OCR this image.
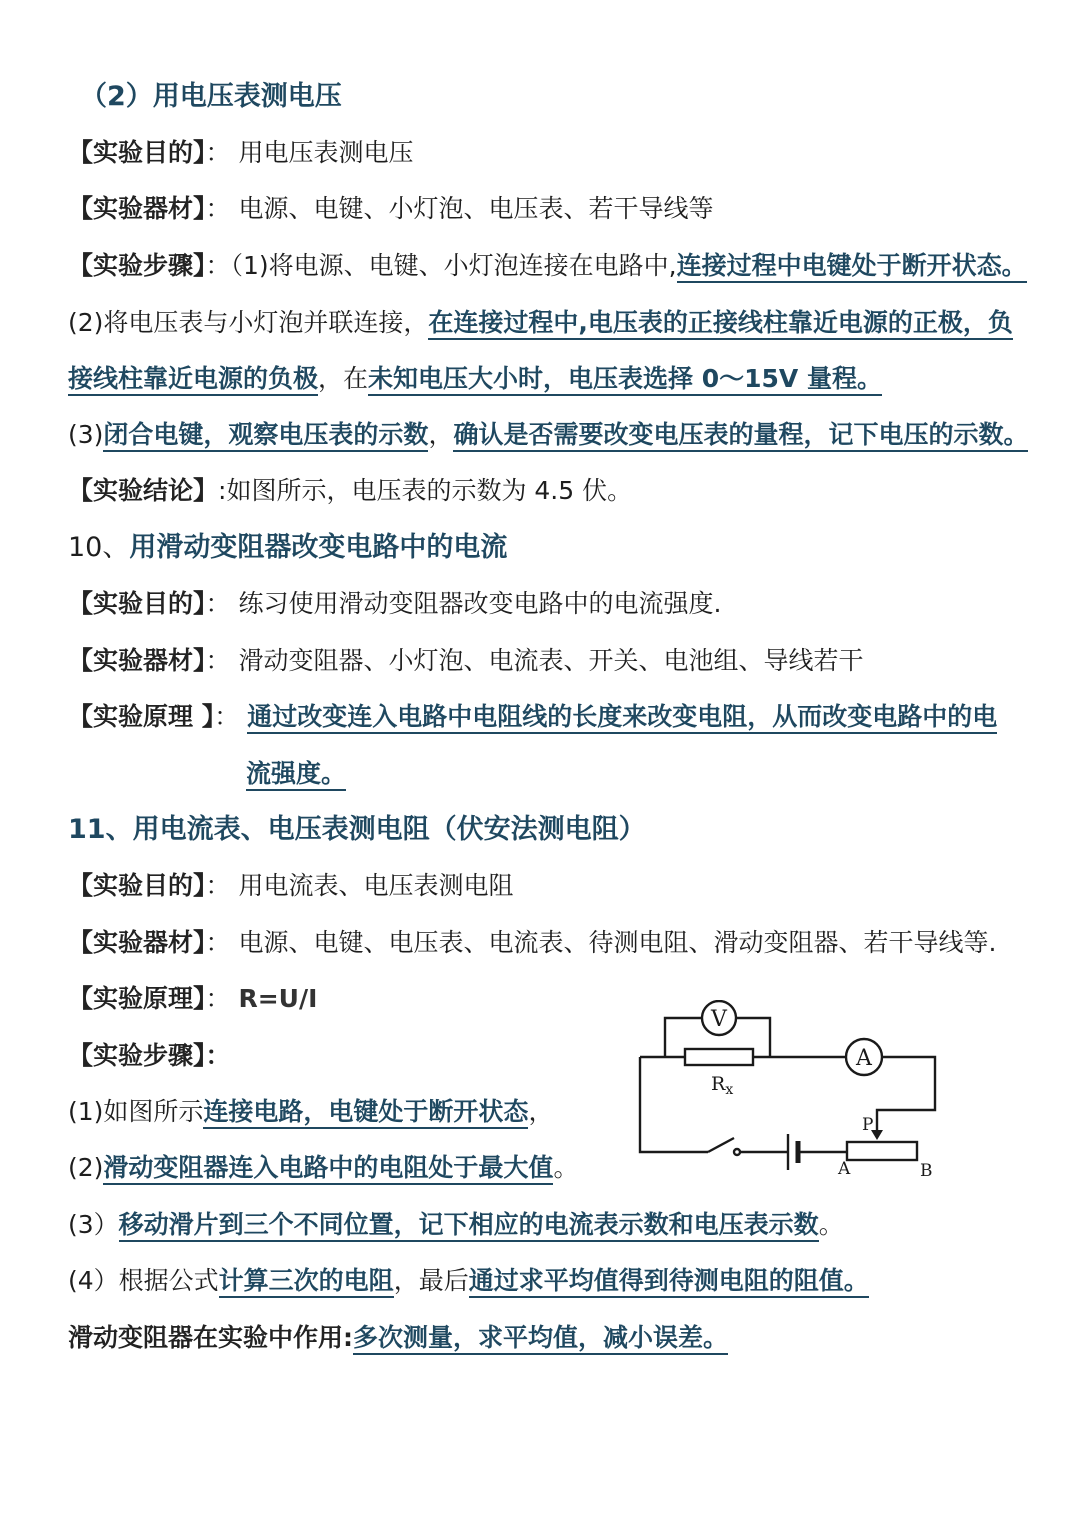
（2）用电压表测电压
【实验目的】： 用电压表测电压
【实验器材】： 电源、电键、小灯泡、电压表、若干导线等
【实验步骤】：（1)将电源、电键、小灯泡连接在电路中,连接过程中电键处于断开状态。
(2)将电压表与小灯泡并联连接，在连接过程中,电压表的正接线柱靠近电源的正极，负
接线柱靠近电源的负极，在未知电压大小时，电压表选择 0～15V 量程。
(3)闭合电键，观察电压表的示数，确认是否需要改变电压表的量程，记下电压的示数。
【实验结论】:如图所示，电压表的示数为 4.5 伏。
10、用滑动变阻器改变电路中的电流
【实验目的】： 练习使用滑动变阻器改变电路中的电流强度.
【实验器材】： 滑动变阻器、小灯泡、电流表、开关、电池组、导线若干
【实验原理 】： 通过改变连入电路中电阻线的长度来改变电阻，从而改变电路中的电
流强度。
11、用电流表、电压表测电阻（伏安法测电阻）
【实验目的】： 用电流表、电压表测电阻
【实验器材】： 电源、电键、电压表、电流表、待测电阻、滑动变阻器、若干导线等.
【实验原理】： R=U/I
【实验步骤】：
(1)如图所示连接电路，电键处于断开状态，
(2)滑动变阻器连入电路中的电阻处于最大值。
(3）移动滑片到三个不同位置，记下相应的电流表示数和电压表示数。
(4）根据公式计算三次的电阻，最后通过求平均值得到待测电阻的阻值。
滑动变阻器在实验中作用:多次测量，求平均值，减小误差。
V
A
$R_x$
P
A	B
